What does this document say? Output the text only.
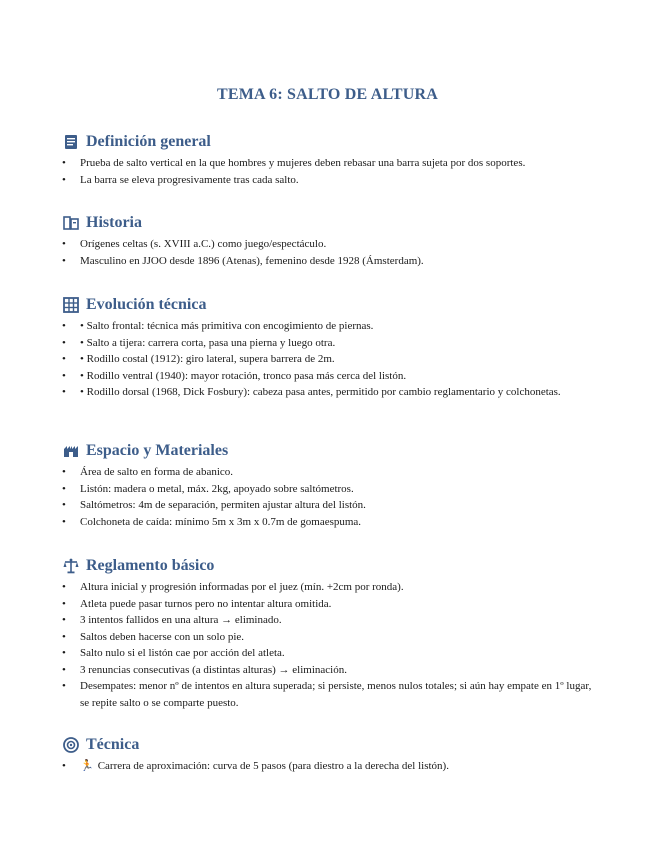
TEMA 6: SALTO DE ALTURA
Definición general
• Prueba de salto vertical en la que hombres y mujeres deben rebasar una barra sujeta por dos soportes.
• La barra se eleva progresivamente tras cada salto.
Historia
• Orígenes celtas (s. XVIII a.C.) como juego/espectáculo.
• Masculino en JJOO desde 1896 (Atenas), femenino desde 1928 (Ámsterdam).
Evolución técnica
• • Salto frontal: técnica más primitiva con encogimiento de piernas.
• • Salto a tijera: carrera corta, pasa una pierna y luego otra.
• • Rodillo costal (1912): giro lateral, supera barrera de 2m.
• • Rodillo ventral (1940): mayor rotación, tronco pasa más cerca del listón.
• • Rodillo dorsal (1968, Dick Fosbury): cabeza pasa antes, permitido por cambio reglamentario y colchonetas.
Espacio y Materiales
• Área de salto en forma de abanico.
• Listón: madera o metal, máx. 2kg, apoyado sobre saltómetros.
• Saltómetros: 4m de separación, permiten ajustar altura del listón.
• Colchoneta de caída: mínimo 5m x 3m x 0.7m de gomaespuma.
Reglamento básico
• Altura inicial y progresión informadas por el juez (mín. +2cm por ronda).
• Atleta puede pasar turnos pero no intentar altura omitida.
• 3 intentos fallidos en una altura → eliminado.
• Saltos deben hacerse con un solo pie.
• Salto nulo si el listón cae por acción del atleta.
• 3 renuncias consecutivas (a distintas alturas) → eliminación.
• Desempates: menor nº de intentos en altura superada; si persiste, menos nulos totales; si aún hay empate en 1º lugar, se repite salto o se comparte puesto.
Técnica
• 🏃 Carrera de aproximación: curva de 5 pasos (para diestro a la derecha del listón).
